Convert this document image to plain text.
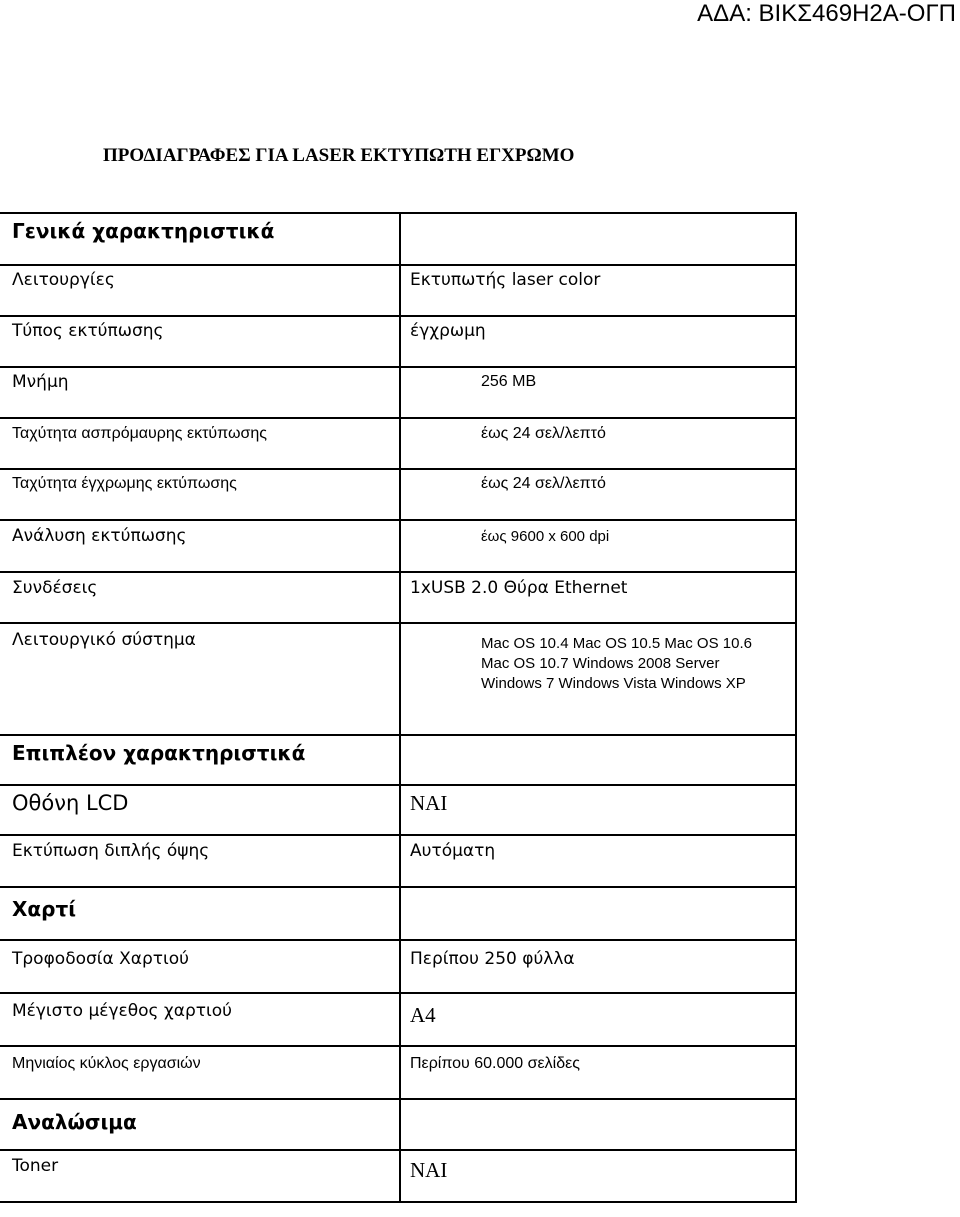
ΑΔΑ: ΒΙΚΣ469Η2Α-ΟΓΠ
ΠΡΟΔΙΑΓΡΑΦΕΣ ΓΙΑ LASER ΕΚΤΥΠΩΤΗ ΕΓΧΡΩΜΟ
Γενικά χαρακτηριστικά	

Λειτουργίες	Εκτυπωτής laser color

Τύπος εκτύπωσης	έγχρωμη

Μνήμη	256 MB

Ταχύτητα ασπρόμαυρης εκτύπωσης	έως 24 σελ/λεπτό

Ταχύτητα έγχρωμης εκτύπωσης	έως 24 σελ/λεπτό

Ανάλυση εκτύπωσης	έως 9600 x 600 dpi

Συνδέσεις	1xUSB 2.0 Θύρα Ethernet

Λειτουργικό σύστημα	Mac OS 10.4 Mac OS 10.5 Mac OS 10.6 Mac OS 10.7 Windows 2008 Server Windows 7 Windows Vista Windows XP

Επιπλέον χαρακτηριστικά	

Οθόνη LCD	ΝΑΙ

Εκτύπωση διπλής όψης	Αυτόματη

Χαρτί	

Τροφοδοσία Χαρτιού	Περίπου 250 φύλλα

Μέγιστο μέγεθος χαρτιού	Α4

Μηνιαίος κύκλος εργασιών	Περίπου 60.000 σελίδες

Αναλώσιμα	

Toner	ΝΑΙ
